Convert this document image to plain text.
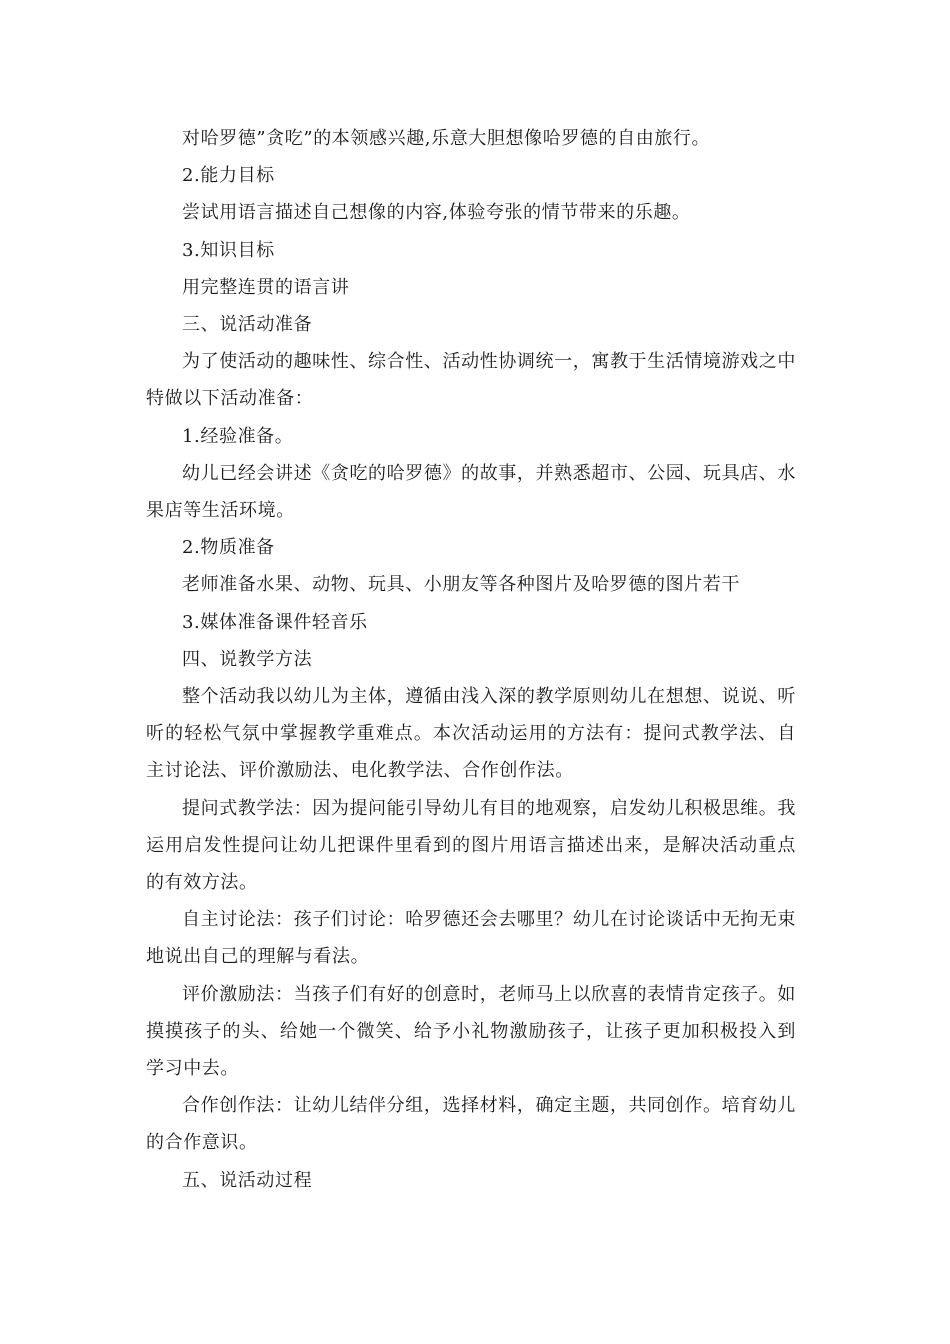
对哈罗德”贪吃”的本领感兴趣,乐意大胆想像哈罗德的自由旅行。

2.能力目标

尝试用语言描述自己想像的内容,体验夸张的情节带来的乐趣。

3.知识目标

用完整连贯的语言讲

三、说活动准备

为了使活动的趣味性、综合性、活动性协调统一，寓教于生活情境游戏之中特做以下活动准备：

1.经验准备。

幼儿已经会讲述《贪吃的哈罗德》的故事，并熟悉超市、公园、玩具店、水果店等生活环境。

2.物质准备

老师准备水果、动物、玩具、小朋友等各种图片及哈罗德的图片若干

3.媒体准备课件轻音乐

四、说教学方法

整个活动我以幼儿为主体，遵循由浅入深的教学原则幼儿在想想、说说、听听的轻松气氛中掌握教学重难点。本次活动运用的方法有：提问式教学法、自主讨论法、评价激励法、电化教学法、合作创作法。

提问式教学法：因为提问能引导幼儿有目的地观察，启发幼儿积极思维。我运用启发性提问让幼儿把课件里看到的图片用语言描述出来，是解决活动重点的有效方法。

自主讨论法：孩子们讨论：哈罗德还会去哪里？幼儿在讨论谈话中无拘无束地说出自己的理解与看法。

评价激励法：当孩子们有好的创意时，老师马上以欣喜的表情肯定孩子。如摸摸孩子的头、给她一个微笑、给予小礼物激励孩子，让孩子更加积极投入到学习中去。

合作创作法：让幼儿结伴分组，选择材料，确定主题，共同创作。培育幼儿的合作意识。

五、说活动过程
